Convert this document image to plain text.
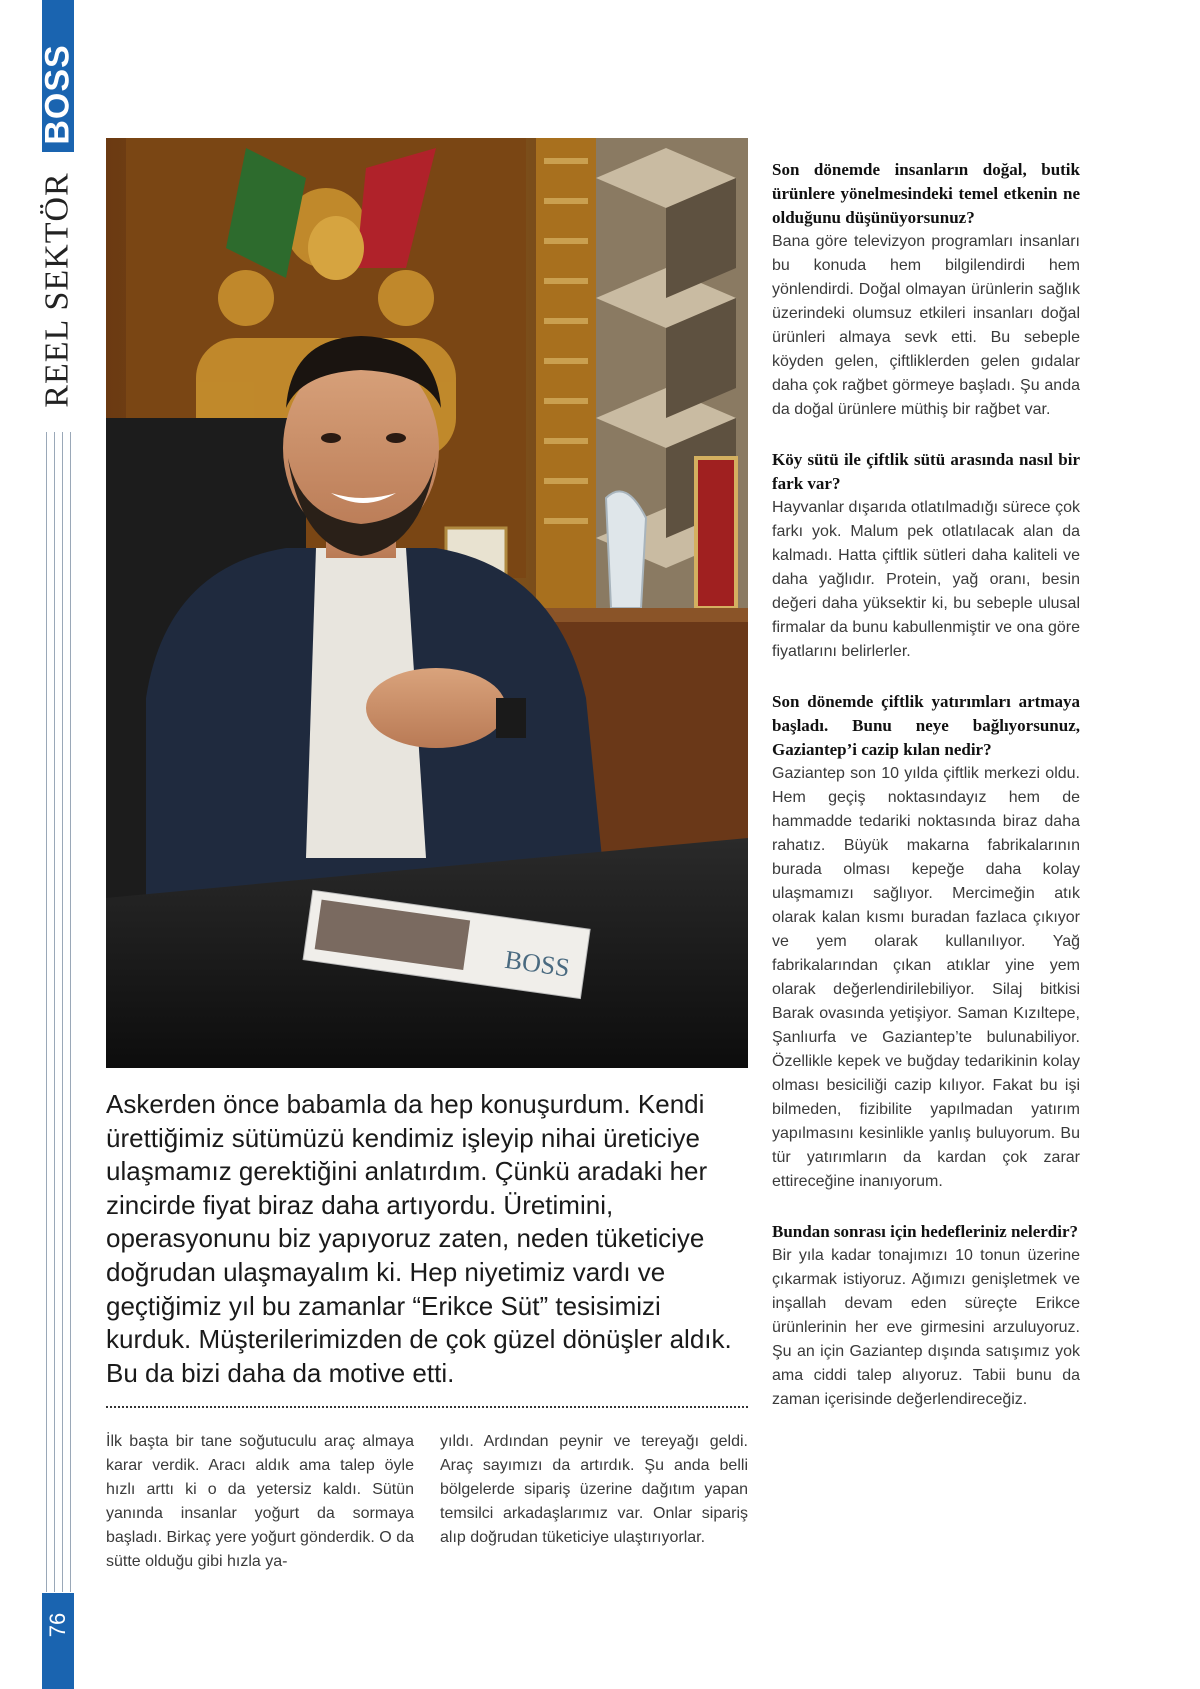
BOSS
REEL SEKTÖR
76
BOSS

Askerden önce babamla da hep konuşurdum. Kendi ürettiğimiz sütümüzü kendimiz işleyip nihai üreticiye ulaşmamız gerektiğini anlatırdım. Çünkü aradaki her zincirde fiyat biraz daha artıyordu. Üretimini, operasyonunu biz yapıyoruz zaten, neden tüketiciye doğrudan ulaşmayalım ki. Hep niyetimiz vardı ve geçtiğimiz yıl bu zamanlar “Erikce Süt” tesisimizi kurduk. Müşterilerimizden de çok güzel dönüşler aldık. Bu da bizi daha da motive etti.

İlk başta bir tane soğutuculu araç almaya karar verdik. Aracı aldık ama talep öyle hızlı arttı ki o da yetersiz kaldı. Sütün yanında insanlar yoğurt da sormaya başladı. Birkaç yere yoğurt gönderdik. O da sütte olduğu gibi hızla ya-

yıldı. Ardından peynir ve tereyağı geldi. Araç sayımızı da artırdık. Şu anda belli bölgelerde sipariş üzerine dağıtım yapan temsilci arkadaşlarımız var. Onlar sipariş alıp doğrudan tüketiciye ulaştırıyorlar.

Son dönemde insanların doğal, butik ürünlere yönelmesindeki temel etkenin ne olduğunu düşünüyorsunuz?

Bana göre televizyon programları insanları bu konuda hem bilgilendirdi hem yönlendirdi. Doğal olmayan ürünlerin sağlık üzerindeki olumsuz etkileri insanları doğal ürünleri almaya sevk etti. Bu sebeple köyden gelen, çiftliklerden gelen gıdalar daha çok rağbet görmeye başladı. Şu anda da doğal ürünlere müthiş bir rağbet var.

Köy sütü ile çiftlik sütü arasında nasıl bir fark var?

Hayvanlar dışarıda otlatılmadığı sürece çok farkı yok. Malum pek otlatılacak alan da kalmadı. Hatta çiftlik sütleri daha kaliteli ve daha yağlıdır. Protein, yağ oranı, besin değeri daha yüksektir ki, bu sebeple ulusal firmalar da bunu kabullenmiştir ve ona göre fiyatlarını belirlerler.

Son dönemde çiftlik yatırımları artmaya başladı. Bunu neye bağlıyorsunuz, Gaziantep’i cazip kılan nedir?

Gaziantep son 10 yılda çiftlik merkezi oldu. Hem geçiş noktasındayız hem de hammadde tedariki noktasında biraz daha rahatız. Büyük makarna fabrikalarının burada olması kepeğe daha kolay ulaşmamızı sağlıyor. Mercimeğin atık olarak kalan kısmı buradan fazlaca çıkıyor ve yem olarak kullanılıyor. Yağ fabrikalarından çıkan atıklar yine yem olarak değerlendirilebiliyor. Silaj bitkisi Barak ovasında yetişiyor. Saman Kızıltepe, Şanlıurfa ve Gaziantep’te bulunabiliyor. Özellikle kepek ve buğday tedarikinin kolay olması besiciliği cazip kılıyor. Fakat bu işi bilmeden, fizibilite yapılmadan yatırım yapılmasını kesinlikle yanlış buluyorum. Bu tür yatırımların da kardan çok zarar ettireceğine inanıyorum.

Bundan sonrası için hedefleriniz nelerdir?

Bir yıla kadar tonajımızı 10 tonun üzerine çıkarmak istiyoruz. Ağımızı genişletmek ve inşallah devam eden süreçte Erikce ürünlerinin her eve girmesini arzuluyoruz. Şu an için Gaziantep dışında satışımız yok ama ciddi talep alıyoruz. Tabii bunu da zaman içerisinde değerlendireceğiz.
